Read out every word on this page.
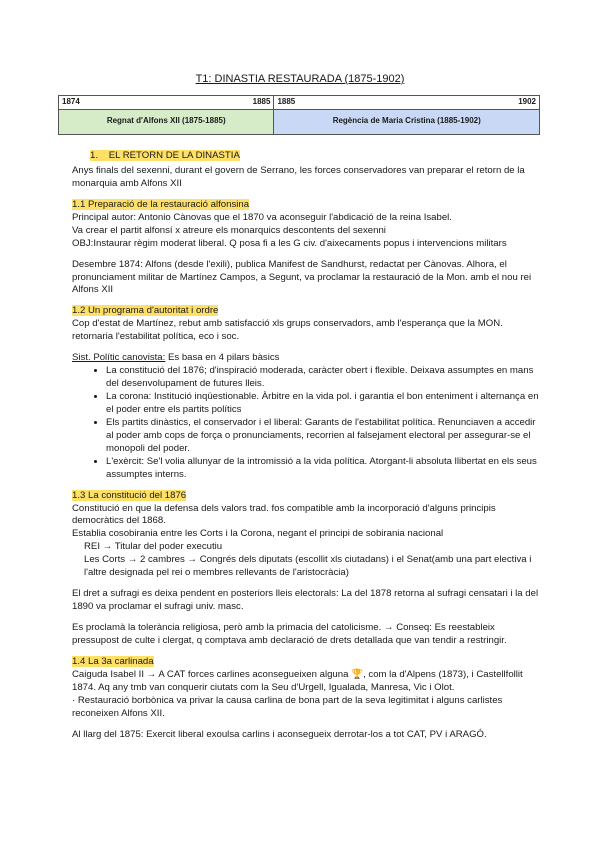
T1: DINASTIA RESTAURADA (1875-1902)
1874 1885	1885 1902

Regnat d'Alfons XII (1875-1885)	Regència de Maria Cristina (1885-1902)
1. EL RETORN DE LA DINASTIA

Anys finals del sexenni, durant el govern de Serrano, les forces conservadores van preparar el retorn de la monarquia amb Alfons XII

1.1 Preparació de la restauració alfonsina

Principal autor: Antonio Cànovas que el 1870 va aconseguir l'abdicació de la reina Isabel.

Va crear el partit alfonsí x atreure els monarquics descontents del sexenni

OBJ:Instaurar règim moderat liberal. Q posa fi a les G civ. d'aixecaments popus i intervencions militars

Desembre 1874: Alfons (desde l'exili), publica Manifest de Sandhurst, redactat per Cànovas. Alhora, el pronunciament militar de Martínez Campos, a Segunt, va proclamar la restauració de la Mon. amb el nou rei Alfons XII

1.2 Un programa d'autoritat i ordre

Cop d'estat de Martínez, rebut amb satisfacció xls grups conservadors, amb l'esperança que la MON. retornaria l'estabilitat política, eco i soc.

Sist. Polític canovista: Es basa en 4 pilars bàsics

• La constitució del 1876; d'inspiració moderada, caràcter obert i flexible. Deixava assumptes en mans del desenvolupament de futures lleis.
• La corona: Institució inqüestionable. Àrbitre en la vida pol. i garantia el bon enteniment i alternança en el poder entre els partits polítics
• Els partits dinàstics, el conservador i el liberal: Garants de l'estabilitat política. Renunciaven a accedir al poder amb cops de força o pronunciaments, recorrien al falsejament electoral per assegurar-se el monopoli del poder.
• L'exèrcit: Se'l volia allunyar de la intromissió a la vida política. Atorgant-li absoluta llibertat en els seus assumptes interns.
1.3 La constitució del 1876

Constitució en que la defensa dels valors trad. fos compatible amb la incorporació d'alguns principis democràtics del 1868.

Establia cosobirania entre les Corts i la Corona, negant el principi de sobirania nacional

REI → Titular del poder executiu

Les Corts → 2 cambres → Congrés dels diputats (escollit xls ciutadans) i el Senat(amb una part electiva i l'altre designada pel rei o membres rellevants de l'aristocràcia)

El dret a sufragi es deixa pendent en posteriors lleis electorals: La del 1878 retorna al sufragi censatari i la del 1890 va proclamar el sufragi univ. masc.

Es proclamà la tolerància religiosa, però amb la primacia del catolicisme. → Conseq: Es reestableix pressupost de culte i clergat, q comptava amb declaració de drets detallada que van tendir a restringir.

1.4 La 3a carlinada

Caiguda Isabel II → A CAT forces carlines aconsegueixen alguna 🏆, com la d'Alpens (1873), i Castellfollit 1874. Aq any tmb van conquerir ciutats com la Seu d'Urgell, Igualada, Manresa, Vic i Olot.

· Restauració borbònica va privar la causa carlina de bona part de la seva legitimitat i alguns carlistes reconeixen Alfons XII.

Al llarg del 1875: Exercit liberal exoulsa carlins i aconsegueix derrotar-los a tot CAT, PV i ARAGÓ.
